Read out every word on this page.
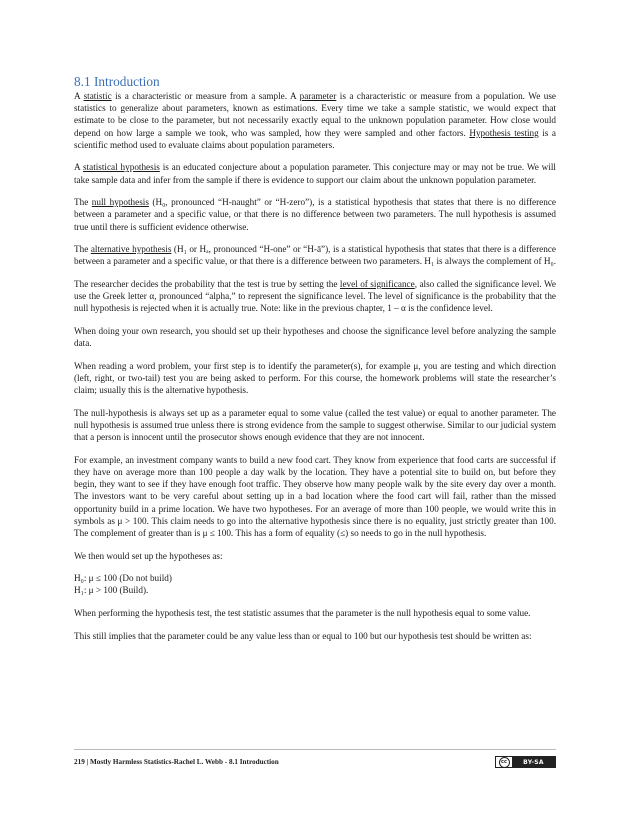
8.1 Introduction

A statistic is a characteristic or measure from a sample. A parameter is a characteristic or measure from a population. We use statistics to generalize about parameters, known as estimations. Every time we take a sample statistic, we would expect that estimate to be close to the parameter, but not necessarily exactly equal to the unknown population parameter. How close would depend on how large a sample we took, who was sampled, how they were sampled and other factors. Hypothesis testing is a scientific method used to evaluate claims about population parameters.

A statistical hypothesis is an educated conjecture about a population parameter. This conjecture may or may not be true. We will take sample data and infer from the sample if there is evidence to support our claim about the unknown population parameter.

The null hypothesis (H₀, pronounced “H-naught” or “H-zero”), is a statistical hypothesis that states that there is no difference between a parameter and a specific value, or that there is no difference between two parameters. The null hypothesis is assumed true until there is sufficient evidence otherwise.

The alternative hypothesis (H₁ or Hₐ, pronounced “H-one” or “H-ā”), is a statistical hypothesis that states that there is a difference between a parameter and a specific value, or that there is a difference between two parameters. H₁ is always the complement of H₀.

The researcher decides the probability that the test is true by setting the level of significance, also called the significance level. We use the Greek letter α, pronounced “alpha,” to represent the significance level. The level of significance is the probability that the null hypothesis is rejected when it is actually true. Note: like in the previous chapter, 1 – α is the confidence level.

When doing your own research, you should set up their hypotheses and choose the significance level before analyzing the sample data.

When reading a word problem, your first step is to identify the parameter(s), for example μ, you are testing and which direction (left, right, or two-tail) test you are being asked to perform. For this course, the homework problems will state the researcher’s claim; usually this is the alternative hypothesis.

The null-hypothesis is always set up as a parameter equal to some value (called the test value) or equal to another parameter. The null hypothesis is assumed true unless there is strong evidence from the sample to suggest otherwise. Similar to our judicial system that a person is innocent until the prosecutor shows enough evidence that they are not innocent.

For example, an investment company wants to build a new food cart. They know from experience that food carts are successful if they have on average more than 100 people a day walk by the location. They have a potential site to build on, but before they begin, they want to see if they have enough foot traffic. They observe how many people walk by the site every day over a month. The investors want to be very careful about setting up in a bad location where the food cart will fail, rather than the missed opportunity build in a prime location. We have two hypotheses. For an average of more than 100 people, we would write this in symbols as μ > 100. This claim needs to go into the alternative hypothesis since there is no equality, just strictly greater than 100. The complement of greater than is μ ≤ 100. This has a form of equality (≤) so needs to go in the null hypothesis.

We then would set up the hypotheses as:

H₀: μ ≤ 100 (Do not build)

H₁: μ > 100 (Build).

When performing the hypothesis test, the test statistic assumes that the parameter is the null hypothesis equal to some value.

This still implies that the parameter could be any value less than or equal to 100 but our hypothesis test should be written as:

219 | Mostly Harmless Statistics-Rachel L. Webb - 8.1 Introduction	cc	BY-SA
